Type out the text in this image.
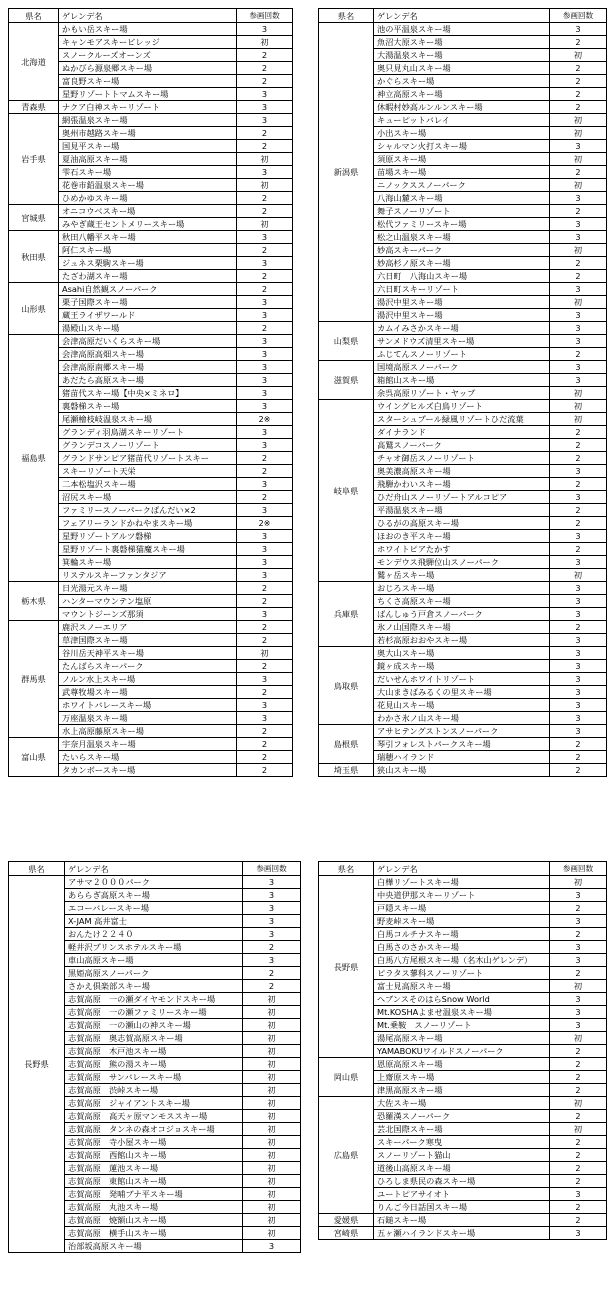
県名	ゲレンデ名	参画回数
北海道	かもい岳スキー場	3
	キャンモアスキービレッジ	初
	スノークルーズオーンズ	2
	ぬかびら源泉郷スキー場	2
	富良野スキー場	2
	星野リゾートトマムスキー場	3
青森県	ナクア白神スキーリゾート	3
岩手県	網張温泉スキー場	3
	奥州市越路スキー場	2
	国見平スキー場	2
	夏油高原スキー場	初
	雫石スキー場	3
	花巻市鉛温泉スキー場	初
	ひめかゆスキー場	2
宮城県	オニコウベスキー場	2
	みやぎ蔵王セントメリースキー場	初
秋田県	秋田八幡平スキー場	3
	阿仁スキー場	2
	ジュネス栗駒スキー場	3
	たざわ湖スキー場	2
山形県	Asahi自然観スノーパーク	2
	栗子国際スキー場	3
	蔵王ライザワールド	3
	湯殿山スキー場	2
福島県	会津高原だいくらスキー場	3
	会津高原高畑スキー場	3
	会津高原南郷スキー場	3
	あだたら高原スキー場	3
	猪苗代スキー場【中央×ミネロ】	3
	裏磐梯スキー場	3
	尾瀬檜枝岐温泉スキー場	2※
	グランディ羽鳥湖スキーリゾート	3
	グランデコスノーリゾート	3
	グランドサンピア猪苗代リゾートスキー	2
	スキーリゾート天栄	2
	二本松塩沢スキー場	3
	沼尻スキー場	2
	ファミリースノーパークばんだい×2	3
	フェアリーランドかねやまスキー場	2※
	星野リゾートアルツ磐梯	3
	星野リゾート裏磐梯猫魔スキー場	3
	箕輪スキー場	3
	リステルスキーファンタジア	3
栃木県	日光湯元スキー場	2
	ハンターマウンテン塩原	2
	マウントジーンズ那須	3
群馬県	鹿沢スノーエリア	2
	草津国際スキー場	2
	谷川岳天神平スキー場	初
	たんばらスキーパーク	2
	ノルン水上スキー場	3
	武尊牧場スキー場	2
	ホワイトバレースキー場	3
	万座温泉スキー場	3
	水上高原藤原スキー場	2
富山県	宇奈月温泉スキー場	2
	たいらスキー場	2
	タカンボースキー場	2
県名	ゲレンデ名	参画回数
新潟県	池の平温泉スキー場	3
	魚沼大原スキー場	2
	大湯温泉スキー場	初
	奥只見丸山スキー場	2
	かぐらスキー場	2
	神立高原スキー場	2
	休暇村妙高ルンルンスキー場	2
	キューピットバレイ	初
	小出スキー場	初
	シャルマン火打スキー場	3
	須原スキー場	初
	苗場スキー場	2
	ニノックススノーパーク	初
	八海山麓スキー場	3
	舞子スノーリゾート	2
	松代ファミリースキー場	3
	松之山温泉スキー場	3
	妙高スキーパーク	初
	妙高杉ノ原スキー場	2
	六日町　八海山スキー場	2
	六日町スキーリゾート	3
	湯沢中里スキー場	初
	湯沢中里スキー場	3
山梨県	カムイみさかスキー場	3
	サンメドウズ清里スキー場	3
	ふじてんスノーリゾート	2
滋賀県	国境高原スノーパーク	3
	箱館山スキー場	3
	余呉高原リゾート・ヤップ	初
岐阜県	ウイングヒルズ白鳥リゾート	初
	スターシュプール緑風リゾートひだ流葉	初
	ダイナランド	2
	高鷲スノーパーク	2
	チャオ御岳スノーリゾート	2
	奥美濃高原スキー場	3
	飛騨かわいスキー場	2
	ひだ舟山スノーリゾートアルコピア	3
	平湯温泉スキー場	2
	ひるがの高原スキー場	2
	ほおのき平スキー場	3
	ホワイトピアたかす	2
	モンデウス飛騨位山スノーパーク	3
	鷲ヶ岳スキー場	初
兵庫県	おじろスキー場	3
	ちくさ高原スキー場	3
	ばんしゅう戸倉スノーパーク	3
	氷ノ山国際スキー場	2
	若杉高原おおやスキー場	3
鳥取県	奥大山スキー場	3
	鏡ヶ成スキー場	3
	だいせんホワイトリゾート	3
	大山まきばみるくの里スキー場	3
	花見山スキー場	3
	わかさ氷ノ山スキー場	3
島根県	アサヒテングストンスノーパーク	3
	琴引フォレストパークスキー場	2
	瑞穂ハイランド	2
埼玉県	狭山スキー場	2
県名	ゲレンデ名	参画回数
長野県	アサマ２０００パーク	3
	あららぎ高原スキー場	3
	エコーバレースキー場	3
	X-JAM 高井富士	3
	おんたけ２２４０	3
	軽井沢プリンスホテルスキー場	2
	車山高原スキー場	3
	黒姫高原スノーパーク	2
	さかえ倶楽部スキー場	2
	志賀高原　一の瀬ダイヤモンドスキー場	初
	志賀高原　一の瀬ファミリースキー場	初
	志賀高原　一の瀬山の神スキー場	初
	志賀高原　奥志賀高原スキー場	初
	志賀高原　木戸池スキー場	初
	志賀高原　熊の湯スキー場	初
	志賀高原　サンバレースキー場	初
	志賀高原　渋峠スキー場	初
	志賀高原　ジャイアントスキー場	初
	志賀高原　高天ヶ原マンモススキー場	初
	志賀高原　タンネの森オコジョスキー場	初
	志賀高原　寺小屋スキー場	初
	志賀高原　西館山スキー場	初
	志賀高原　蓮池スキー場	初
	志賀高原　東館山スキー場	初
	志賀高原　発哺ブナ平スキー場	初
	志賀高原　丸池スキー場	初
	志賀高原　焼額山スキー場	初
	志賀高原　横手山スキー場	初
	治部坂高原スキー場	3
県名	ゲレンデ名	参画回数
長野県	白樺リゾートスキー場	初
	中央道伊那スキーリゾート	3
	戸隠スキー場	2
	野麦峠スキー場	3
	白馬コルチナスキー場	2
	白馬さのさかスキー場	3
	白馬八方尾根スキー場（名木山ゲレンデ）	3
	ピラタス蓼科スノーリゾート	2
	富士見高原スキー場	初
	ヘブンスそのはらSnow World	3
	Mt.KOSHAよませ温泉スキー場	3
	Mt.乗鞍　スノーリゾート	3
	湯尾高原スキー場	初
	YAMABOKUワイルドスノーパーク	2
岡山県	恩原高原スキー場	2
	上齋原スキー場	2
	津黒高原スキー場	2
広島県	大佐スキー場	初
	恐羅漢スノーパーク	2
	芸北国際スキー場	初
	スキーパーク寒曳	2
	スノーリゾート猫山	2
	道後山高原スキー場	2
	ひろしま県民の森スキー場	2
	ユートピアサイオト	3
	りんご今日話国スキー場	2
愛媛県	石鎚スキー場	2
宮崎県	五ヶ瀬ハイランドスキー場	3
